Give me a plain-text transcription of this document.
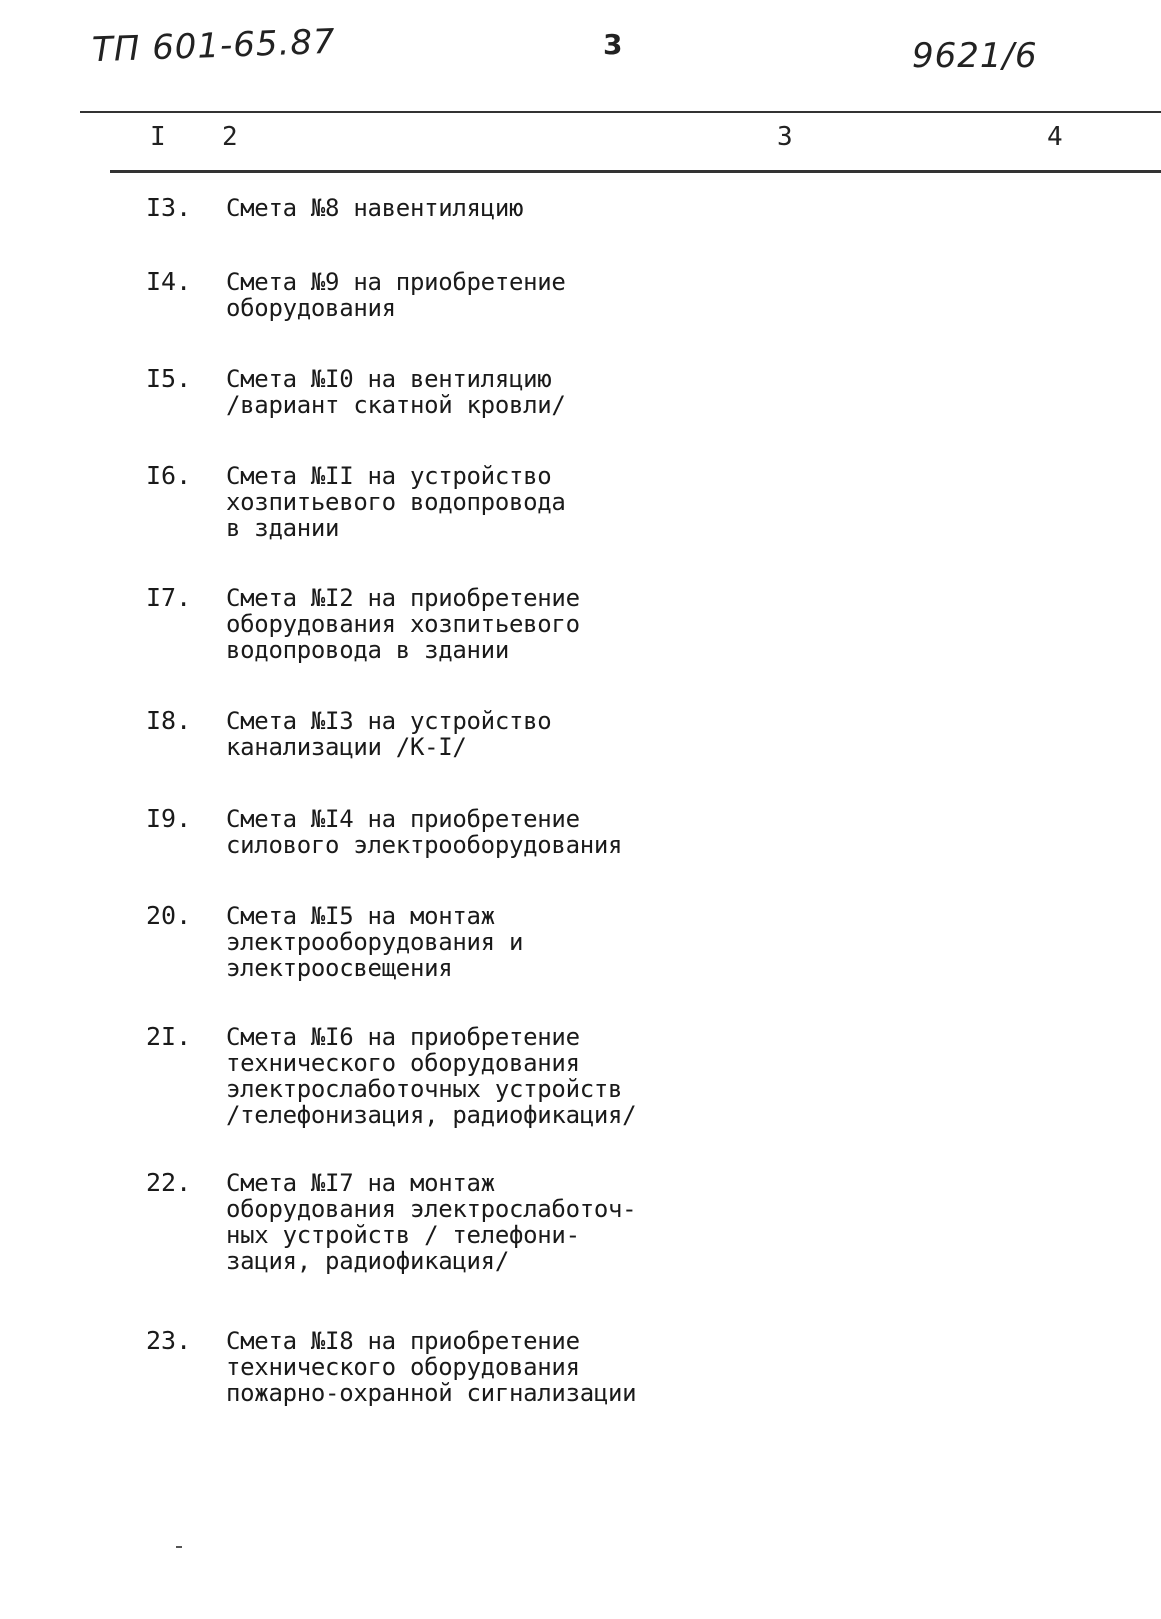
ТП 601-65.87	3	9621/6
I 2	3	4
I3. Смета №8 навентиляцию
I4. Смета №9 на приобретение
оборудования
I5. Смета №I0 на вентиляцию
/вариант скатной кровли/
I6. Смета №II на устройство
хозпитьевого водопровода
в здании
I7. Смета №I2 на приобретение
оборудования хозпитьевого
водопровода в здании
I8. Смета №I3 на устройство
канализации /К-I/
I9. Смета №I4 на приобретение
силового электрооборудования
20. Смета №I5 на монтаж
электрооборудования и
электроосвещения
2I. Смета №I6 на приобретение
технического оборудования
электрослаботочных устройств
/телефонизация, радиофикация/
22. Смета №I7 на монтаж
оборудования электрослаботоч-
ных устройств / телефони-
зация, радиофикация/
23. Смета №I8 на приобретение
технического оборудования
пожарно-охранной сигнализации
